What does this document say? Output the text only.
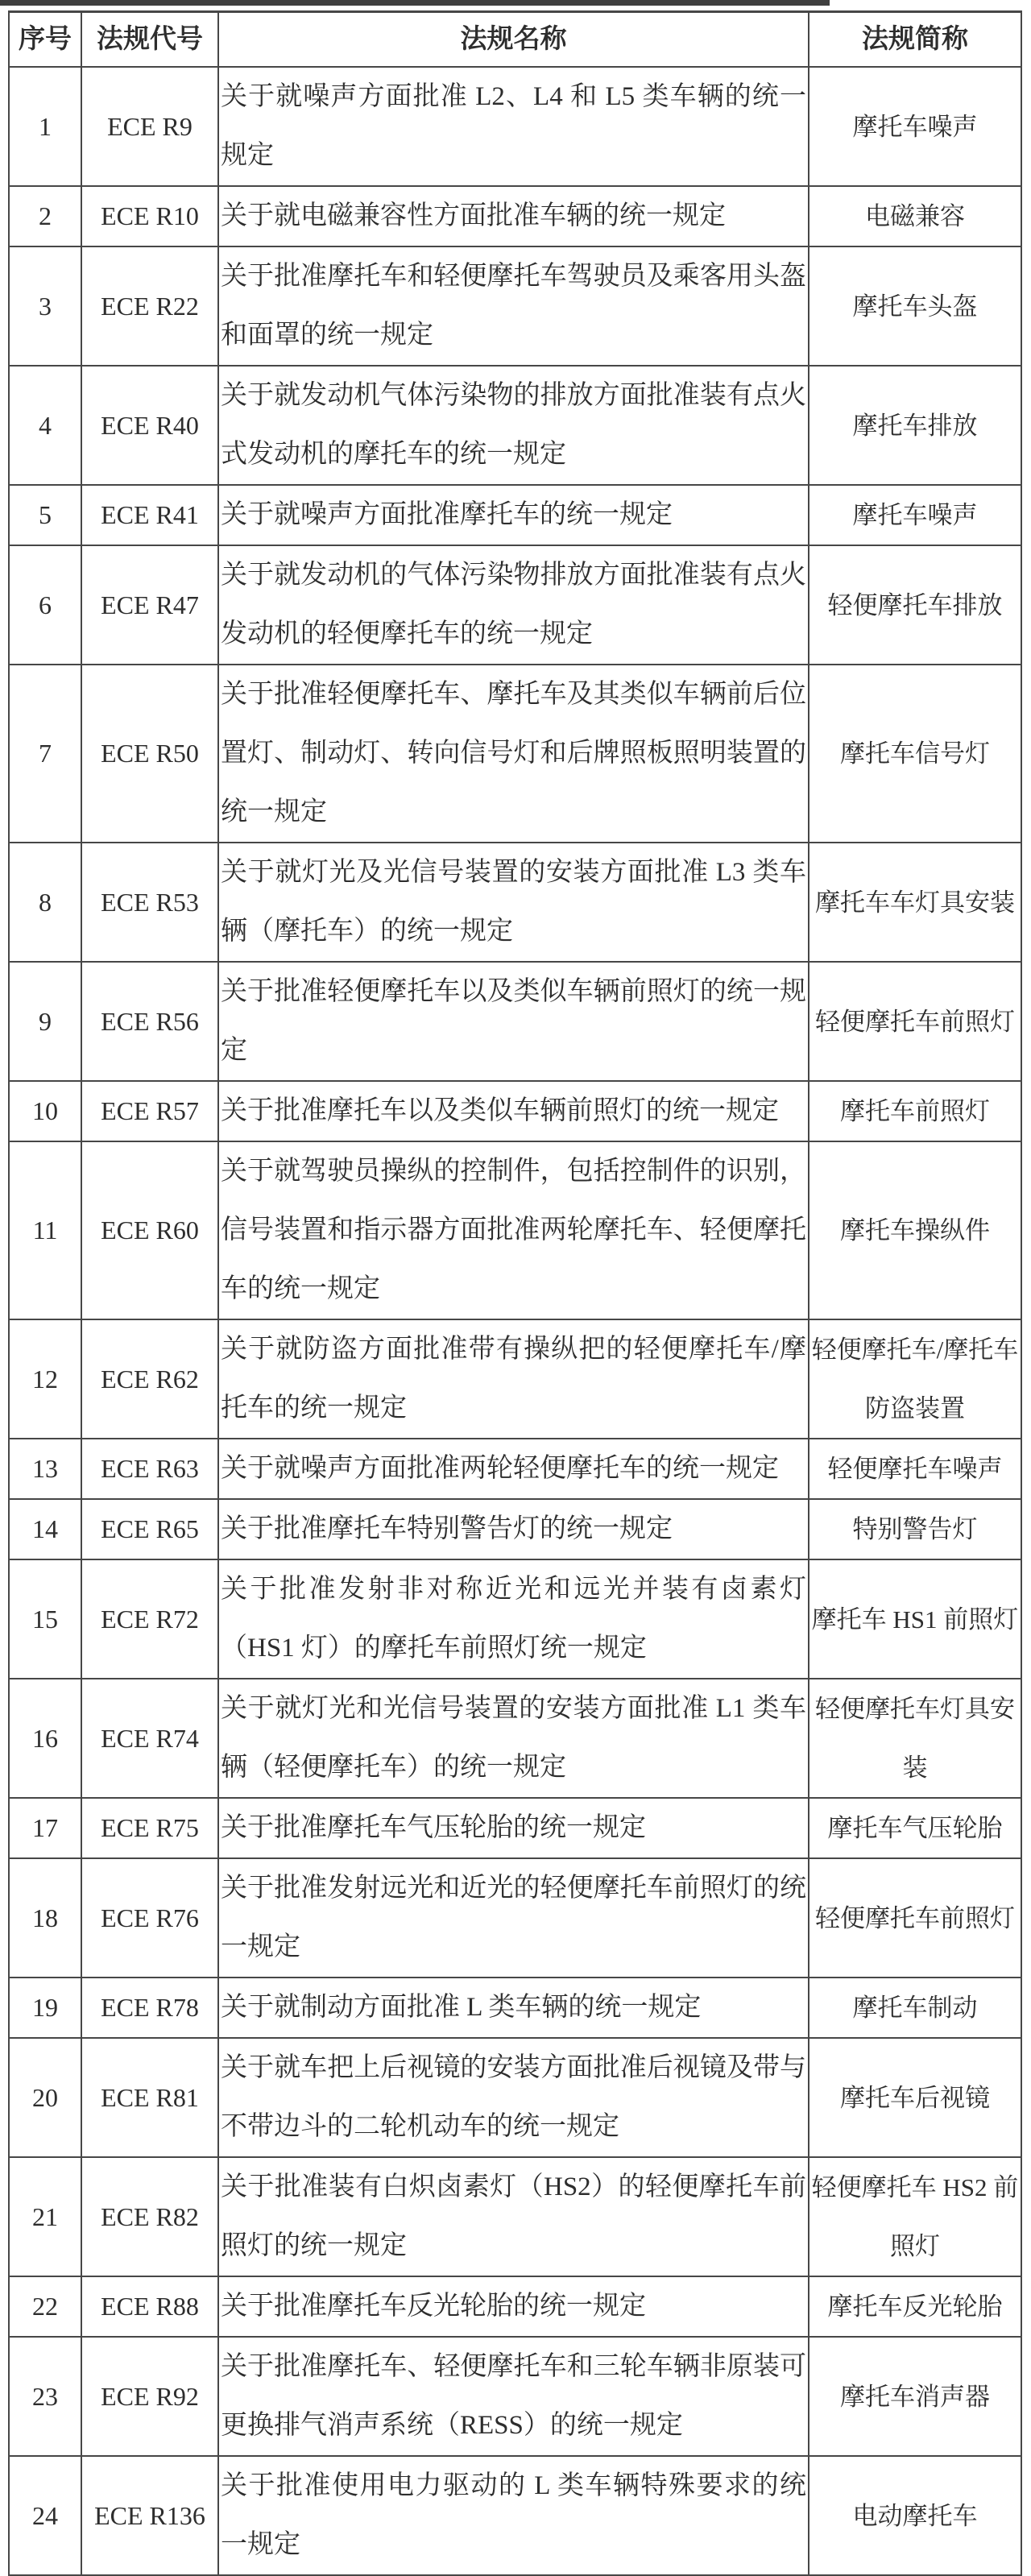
序号	法规代号	法规名称	法规简称
1	ECE R9	关于就噪声方面批准 L2、L4 和 L5 类车辆的统一规定	摩托车噪声
2	ECE R10	关于就电磁兼容性方面批准车辆的统一规定	电磁兼容
3	ECE R22	关于批准摩托车和轻便摩托车驾驶员及乘客用头盔和面罩的统一规定	摩托车头盔
4	ECE R40	关于就发动机气体污染物的排放方面批准装有点火式发动机的摩托车的统一规定	摩托车排放
5	ECE R41	关于就噪声方面批准摩托车的统一规定	摩托车噪声
6	ECE R47	关于就发动机的气体污染物排放方面批准装有点火发动机的轻便摩托车的统一规定	轻便摩托车排放
7	ECE R50	关于批准轻便摩托车、摩托车及其类似车辆前后位置灯、制动灯、转向信号灯和后牌照板照明装置的统一规定	摩托车信号灯
8	ECE R53	关于就灯光及光信号装置的安装方面批准 L3 类车辆（摩托车）的统一规定	摩托车车灯具安装
9	ECE R56	关于批准轻便摩托车以及类似车辆前照灯的统一规定	轻便摩托车前照灯
10	ECE R57	关于批准摩托车以及类似车辆前照灯的统一规定	摩托车前照灯
11	ECE R60	关于就驾驶员操纵的控制件，包括控制件的识别，信号装置和指示器方面批准两轮摩托车、轻便摩托车的统一规定	摩托车操纵件
12	ECE R62	关于就防盗方面批准带有操纵把的轻便摩托车/摩托车的统一规定	轻便摩托车/摩托车防盗装置
13	ECE R63	关于就噪声方面批准两轮轻便摩托车的统一规定	轻便摩托车噪声
14	ECE R65	关于批准摩托车特别警告灯的统一规定	特别警告灯
15	ECE R72	关于批准发射非对称近光和远光并装有卤素灯（HS1 灯）的摩托车前照灯统一规定	摩托车 HS1 前照灯
16	ECE R74	关于就灯光和光信号装置的安装方面批准 L1 类车辆（轻便摩托车）的统一规定	轻便摩托车灯具安装
17	ECE R75	关于批准摩托车气压轮胎的统一规定	摩托车气压轮胎
18	ECE R76	关于批准发射远光和近光的轻便摩托车前照灯的统一规定	轻便摩托车前照灯
19	ECE R78	关于就制动方面批准 L 类车辆的统一规定	摩托车制动
20	ECE R81	关于就车把上后视镜的安装方面批准后视镜及带与不带边斗的二轮机动车的统一规定	摩托车后视镜
21	ECE R82	关于批准装有白炽卤素灯（HS2）的轻便摩托车前照灯的统一规定	轻便摩托车 HS2 前照灯
22	ECE R88	关于批准摩托车反光轮胎的统一规定	摩托车反光轮胎
23	ECE R92	关于批准摩托车、轻便摩托车和三轮车辆非原装可更换排气消声系统（RESS）的统一规定	摩托车消声器
24	ECE R136	关于批准使用电力驱动的 L 类车辆特殊要求的统一规定	电动摩托车
